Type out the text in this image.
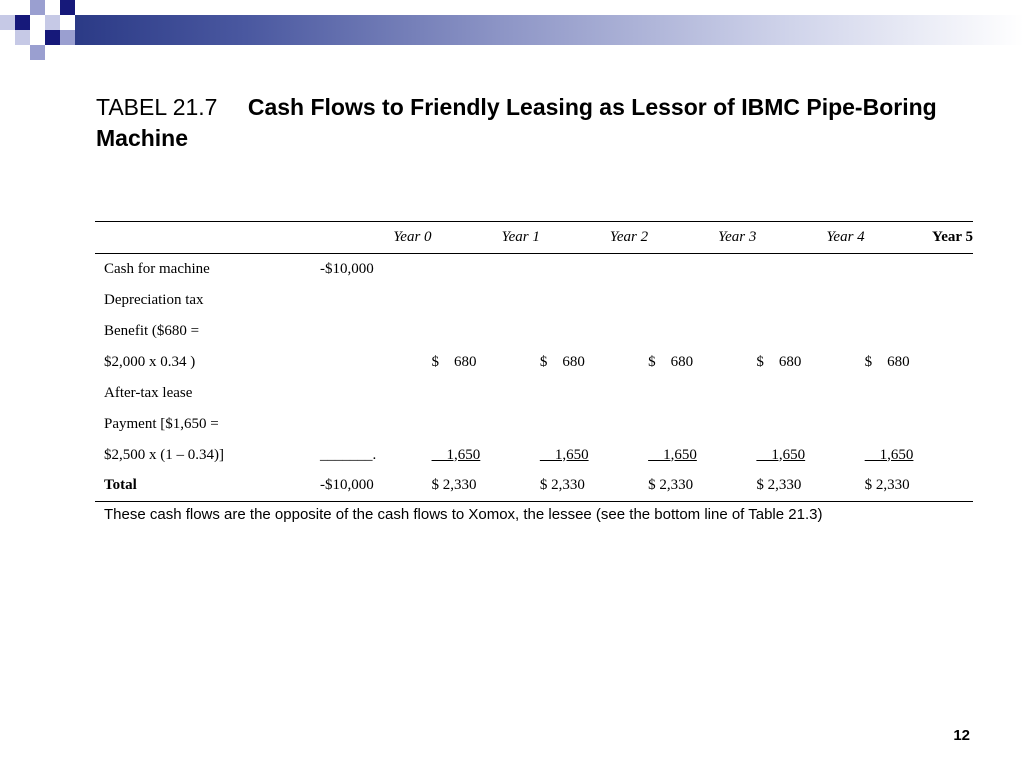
TABEL 21.7 Cash Flows to Friendly Leasing as Lessor of IBMC Pipe-Boring Machine
	Year 0	Year 1	Year 2	Year 3	Year 4	Year 5
Cash for machine	-$10,000					
Depreciation tax						
Benefit ($680 =						
$2,000 x 0.34 )		$    680	$    680	$    680	$    680	$    680
After-tax lease						
Payment [$1,650 =						
$2,500 x (1 – 0.34)]	_______.	1,650	1,650	1,650	1,650	1,650
Total	-$10,000	$ 2,330	$ 2,330	$ 2,330	$ 2,330	$ 2,330
These cash flows are the opposite of the cash flows to Xomox, the lessee (see the bottom line of Table 21.3)
12
